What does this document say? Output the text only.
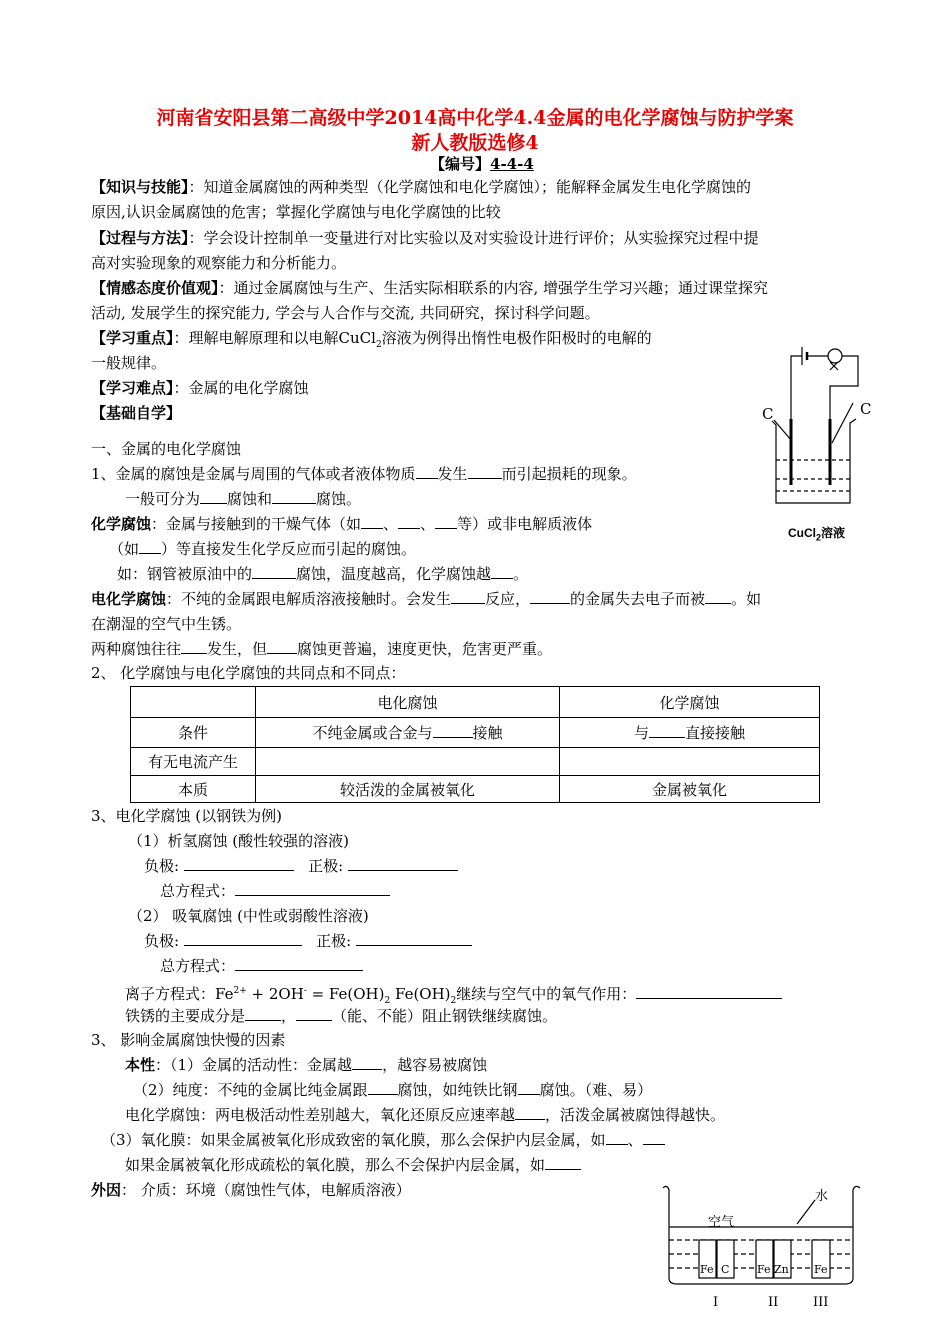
河南省安阳县第二高级中学2014高中化学4.4金属的电化学腐蚀与防护学案
新人教版选修4
【编号】4-4-4
【知识与技能】：知道金属腐蚀的两种类型（化学腐蚀和电化学腐蚀）；能解释金属发生电化学腐蚀的
原因,认识金属腐蚀的危害；掌握化学腐蚀与电化学腐蚀的比较
【过程与方法】：学会设计控制单一变量进行对比实验以及对实验设计进行评价；从实验探究过程中提
高对实验现象的观察能力和分析能力。
【情感态度价值观】：通过金属腐蚀与生产、生活实际相联系的内容, 增强学生学习兴趣；通过课堂探究
活动, 发展学生的探究能力, 学会与人合作与交流, 共同研究，探讨科学问题。
【学习重点】：理解电解原理和以电解CuCl$_2$溶液为例得出惰性电极作阳极时的电解的
一般规律。
【学习难点】：金属的电化学腐蚀
【基础自学】	C	C
CuCl$_2$溶液
一、金属的电化学腐蚀
1、金属的腐蚀是金属与周围的气体或者液体物质 发生 而引起损耗的现象。
一般可分为 腐蚀和	腐蚀。
化学腐蚀：金属与接触到的干燥气体（如 、 、 等）或非电解质液体
（如 ）等直接发生化学反应而引起的腐蚀。
如：钢管被原油中的	腐蚀，温度越高，化学腐蚀越 。
电化学腐蚀：不纯的金属跟电解质溶液接触时。会发生 反应，	的金属失去电子而被 。如
在潮湿的空气中生锈。
两种腐蚀往往 发生，但 腐蚀更普遍，速度更快，危害更严重。
2、 化学腐蚀与电化学腐蚀的共同点和不同点：
	电化腐蚀	化学腐蚀
条件	不纯金属或合金与 接触	与 直接接触
有无电流产生		
本质	较活泼的金属被氧化	金属被氧化
3、电化学腐蚀 (以钢铁为例)
（1）析氢腐蚀 (酸性较强的溶液)
负极:	正极:
总方程式：
（2） 吸氧腐蚀 (中性或弱酸性溶液)
负极:	正极:
总方程式：
离子方程式：$Fe^{2+} + 2OH^- = Fe(OH)_2$ $Fe(OH)_2$继续与空气中的氧气作用：
铁锈的主要成分是 ， （能、不能）阻止钢铁继续腐蚀。
3、 影响金属腐蚀快慢的因素
本性：（1）金属的活动性：金属越 ，越容易被腐蚀
（2）纯度：不纯的金属比纯金属跟 腐蚀，如纯铁比钢 腐蚀。（难、易）
电化学腐蚀：两电极活动性差别越大，氧化还原反应速率越 ，活泼金属被腐蚀得越快。
（3）氧化膜：如果金属被氧化形成致密的氧化膜，那么会保护内层金属，如 、
如果金属被氧化形成疏松的氧化膜，那么不会保护内层金属，如
外因： 介质：环境（腐蚀性气体，电解质溶液）
空气
水
Fe C	Fe Zn Fe
I	II	III
